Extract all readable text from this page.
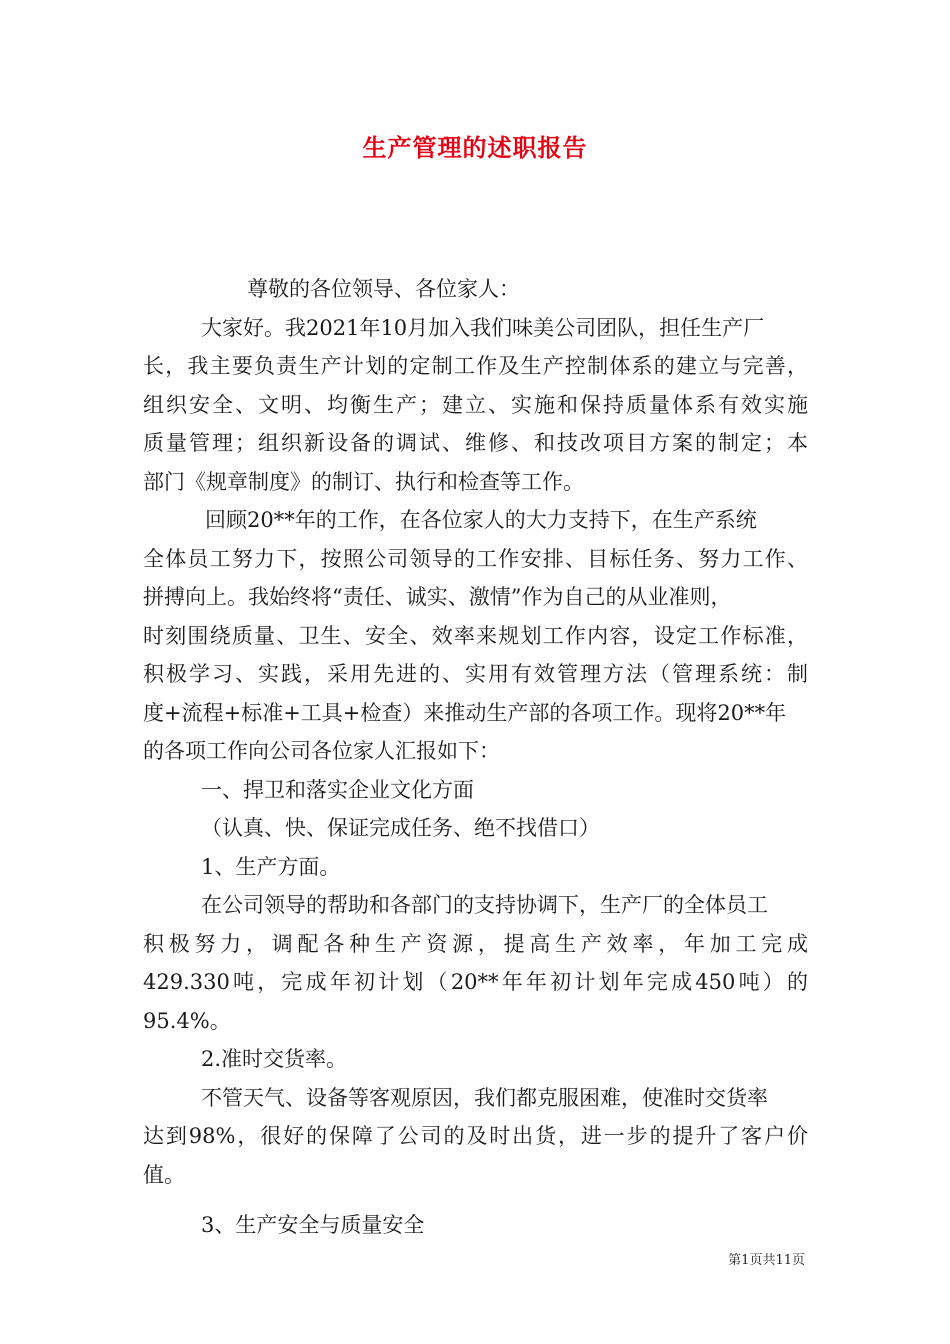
生产管理的述职报告
尊敬的各位领导、各位家人：
大家好。我2021年10月加入我们味美公司团队，担任生产厂
长，我主要负责生产计划的定制工作及生产控制体系的建立与完善，
组织安全、文明、均衡生产；建立、实施和保持质量体系有效实施
质量管理；组织新设备的调试、维修、和技改项目方案的制定；本
部门《规章制度》的制订、执行和检查等工作。
回顾20**年的工作，在各位家人的大力支持下，在生产系统
全体员工努力下，按照公司领导的工作安排、目标任务、努力工作、
拼搏向上。我始终将“责任、诚实、激情”作为自己的从业准则，
时刻围绕质量、卫生、安全、效率来规划工作内容，设定工作标准，
积极学习、实践，采用先进的、实用有效管理方法（管理系统：制
度+流程+标准+工具+检查）来推动生产部的各项工作。现将20**年
的各项工作向公司各位家人汇报如下：
一、捍卫和落实企业文化方面
（认真、快、保证完成任务、绝不找借口）
1、生产方面。
在公司领导的帮助和各部门的支持协调下，生产厂的全体员工
积极努力，调配各种生产资源，提高生产效率，年加工完成
429.330吨，完成年初计划（20**年年初计划年完成450吨）的
95.4%。
2.准时交货率。
不管天气、设备等客观原因，我们都克服困难，使准时交货率
达到98%，很好的保障了公司的及时出货，进一步的提升了客户价
值。
3、生产安全与质量安全
第1页共11页
